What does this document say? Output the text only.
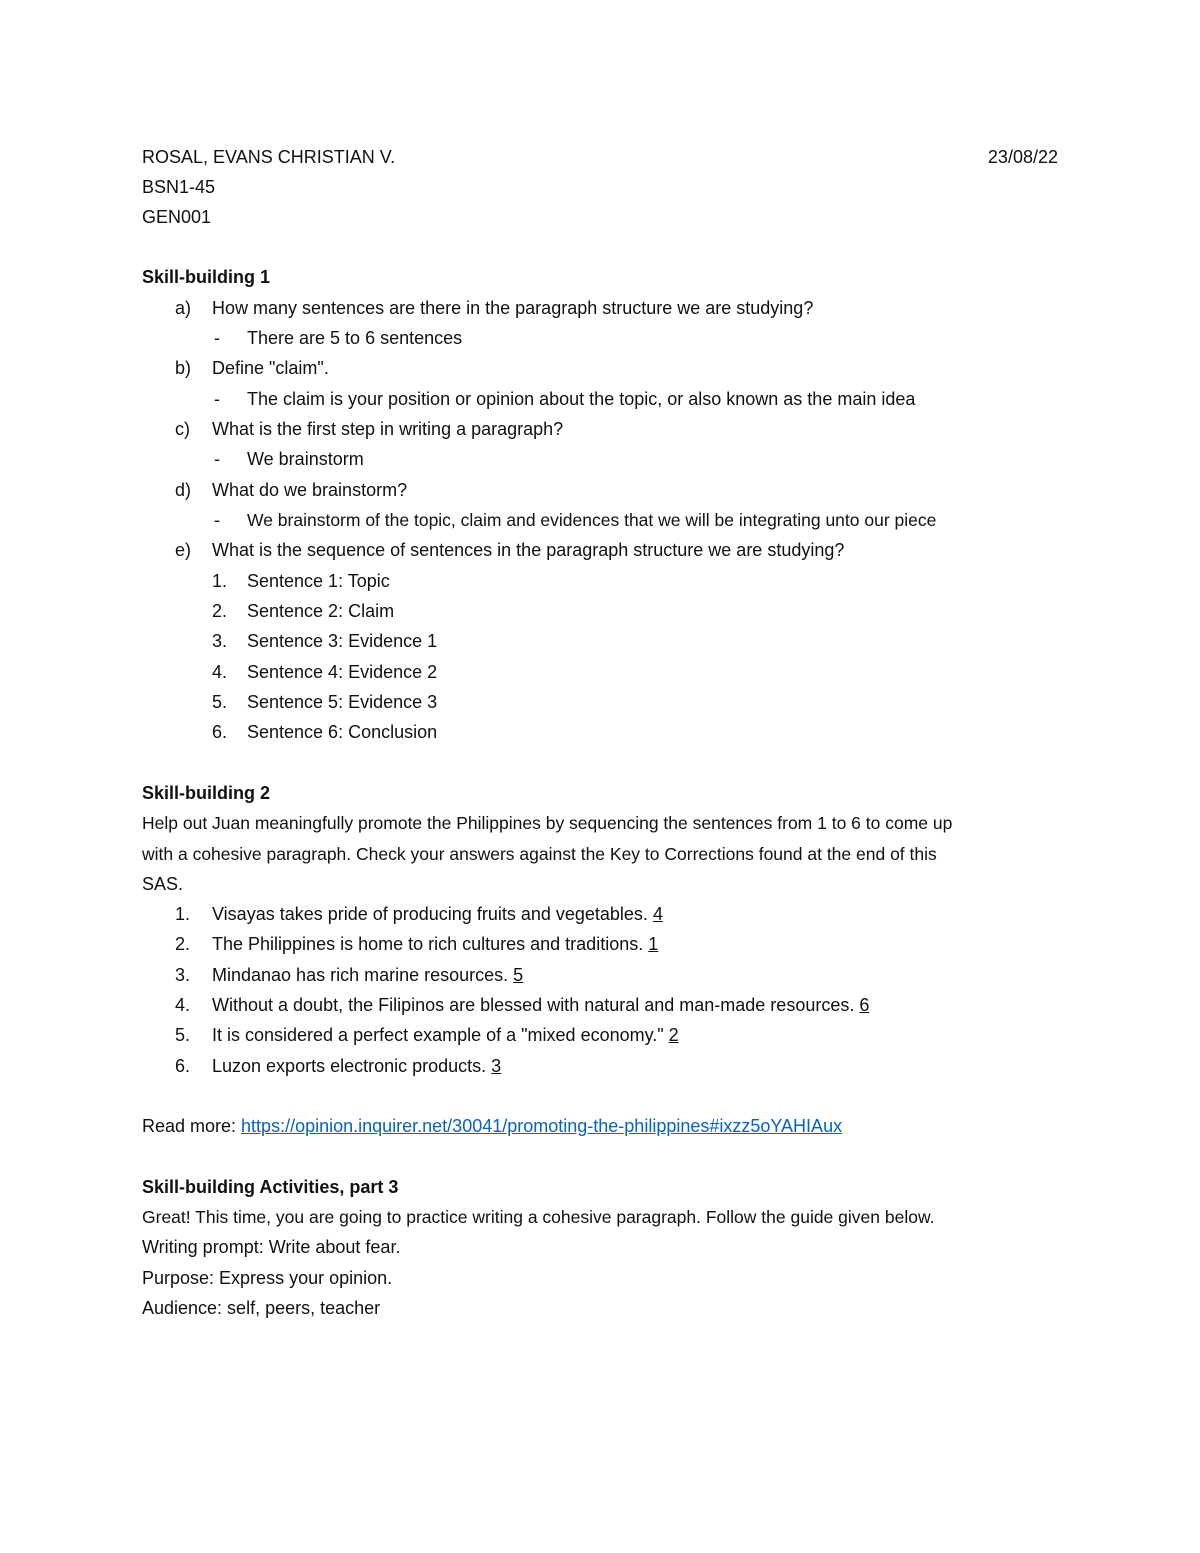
ROSAL, EVANS CHRISTIAN V.	23/08/22
BSN1-45
GEN001
Skill-building 1
a) How many sentences are there in the paragraph structure we are studying?
- There are 5 to 6 sentences
b) Define "claim".
- The claim is your position or opinion about the topic, or also known as the main idea
c) What is the first step in writing a paragraph?
- We brainstorm
d) What do we brainstorm?
- We brainstorm of the topic, claim and evidences that we will be integrating unto our piece
e) What is the sequence of sentences in the paragraph structure we are studying?
1. Sentence 1: Topic
2. Sentence 2: Claim
3. Sentence 3: Evidence 1
4. Sentence 4: Evidence 2
5. Sentence 5: Evidence 3
6. Sentence 6: Conclusion
Skill-building 2
Help out Juan meaningfully promote the Philippines by sequencing the sentences from 1 to 6 to come up
with a cohesive paragraph. Check your answers against the Key to Corrections found at the end of this
SAS.
1. Visayas takes pride of producing fruits and vegetables. 4
2. The Philippines is home to rich cultures and traditions. 1
3. Mindanao has rich marine resources. 5
4. Without a doubt, the Filipinos are blessed with natural and man-made resources. 6
5. It is considered a perfect example of a "mixed economy." 2
6. Luzon exports electronic products. 3
Read more: https://opinion.inquirer.net/30041/promoting-the-philippines#ixzz5oYAHIAux
Skill-building Activities, part 3
Great! This time, you are going to practice writing a cohesive paragraph. Follow the guide given below.
Writing prompt: Write about fear.
Purpose: Express your opinion.
Audience: self, peers, teacher
